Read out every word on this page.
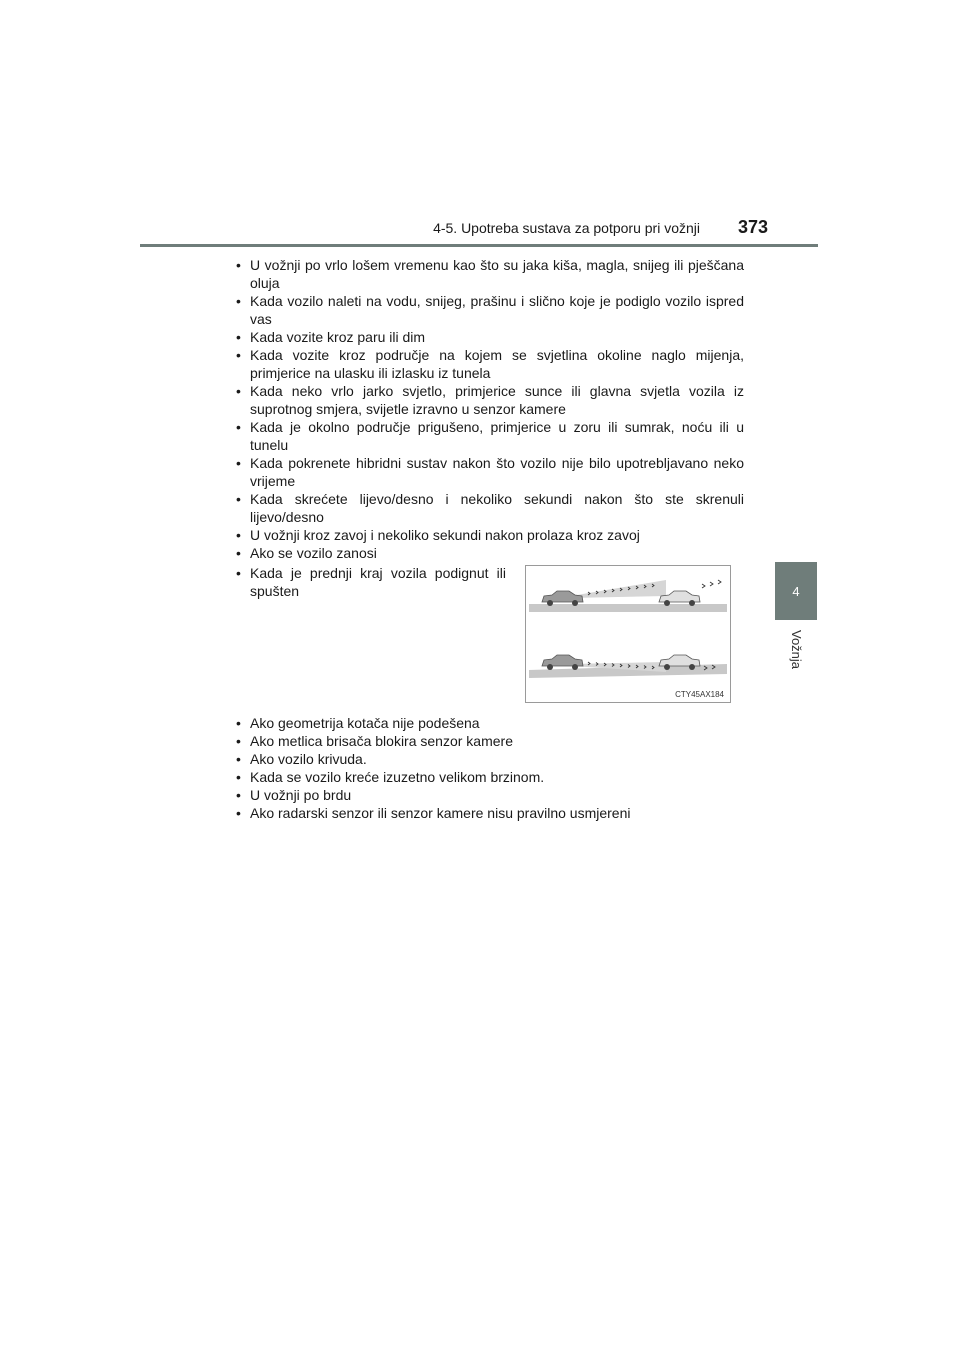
4-5. Upotreba sustava za potporu pri vožnji 373
4
Vožnja
• U vožnji po vrlo lošem vremenu kao što su jaka kiša, magla, snijeg ili pješčana oluja
• Kada vozilo naleti na vodu, snijeg, prašinu i slično koje je podiglo vozilo ispred vas
• Kada vozite kroz paru ili dim
• Kada vozite kroz područje na kojem se svjetlina okoline naglo mijenja, primjerice na ulasku ili izlasku iz tunela
• Kada neko vrlo jarko svjetlo, primjerice sunce ili glavna svjetla vozila iz suprotnog smjera, svijetle izravno u senzor kamere
• Kada je okolno područje prigušeno, primjerice u zoru ili sumrak, noću ili u tunelu
• Kada pokrenete hibridni sustav nakon što vozilo nije bilo upotrebljavano neko vrijeme
• Kada skrećete lijevo/desno i nekoliko sekundi nakon što ste skrenuli lijevo/desno
• U vožnji kroz zavoj i nekoliko sekundi nakon prolaza kroz zavoj
• Ako se vozilo zanosi
• Kada je prednji kraj vozila podignut ili spušten
CTY45AX184
• Ako geometrija kotača nije podešena
• Ako metlica brisača blokira senzor kamere
• Ako vozilo krivuda.
• Kada se vozilo kreće izuzetno velikom brzinom.
• U vožnji po brdu
• Ako radarski senzor ili senzor kamere nisu pravilno usmjereni
